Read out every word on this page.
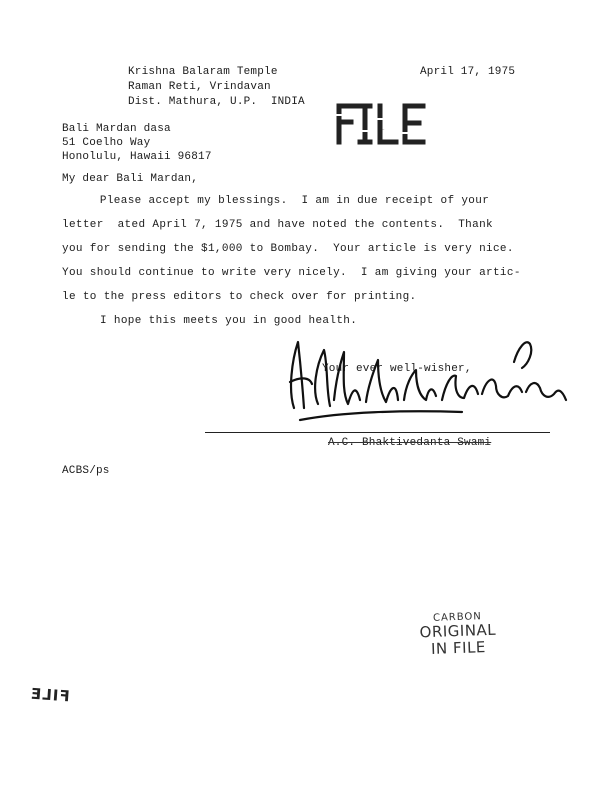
Krishna Balaram Temple
Raman Reti, Vrindavan
Dist. Mathura, U.P.  INDIA
April 17, 1975
FILE
Bali Mardan dasa
51 Coelho Way
Honolulu, Hawaii 96817
My dear Bali Mardan,
Please accept my blessings.  I am in due receipt of your
letter  ated April 7, 1975 and have noted the contents.  Thank
you for sending the $1,000 to Bombay.  Your article is very nice.
You should continue to write very nicely.  I am giving your artic-
le to the press editors to check over for printing.
I hope this meets you in good health.
Your ever well-wisher,
A.C. Bhaktivedanta Swami
ACBS/ps
CARBON
ORIGINAL
IN FILE
FILE
